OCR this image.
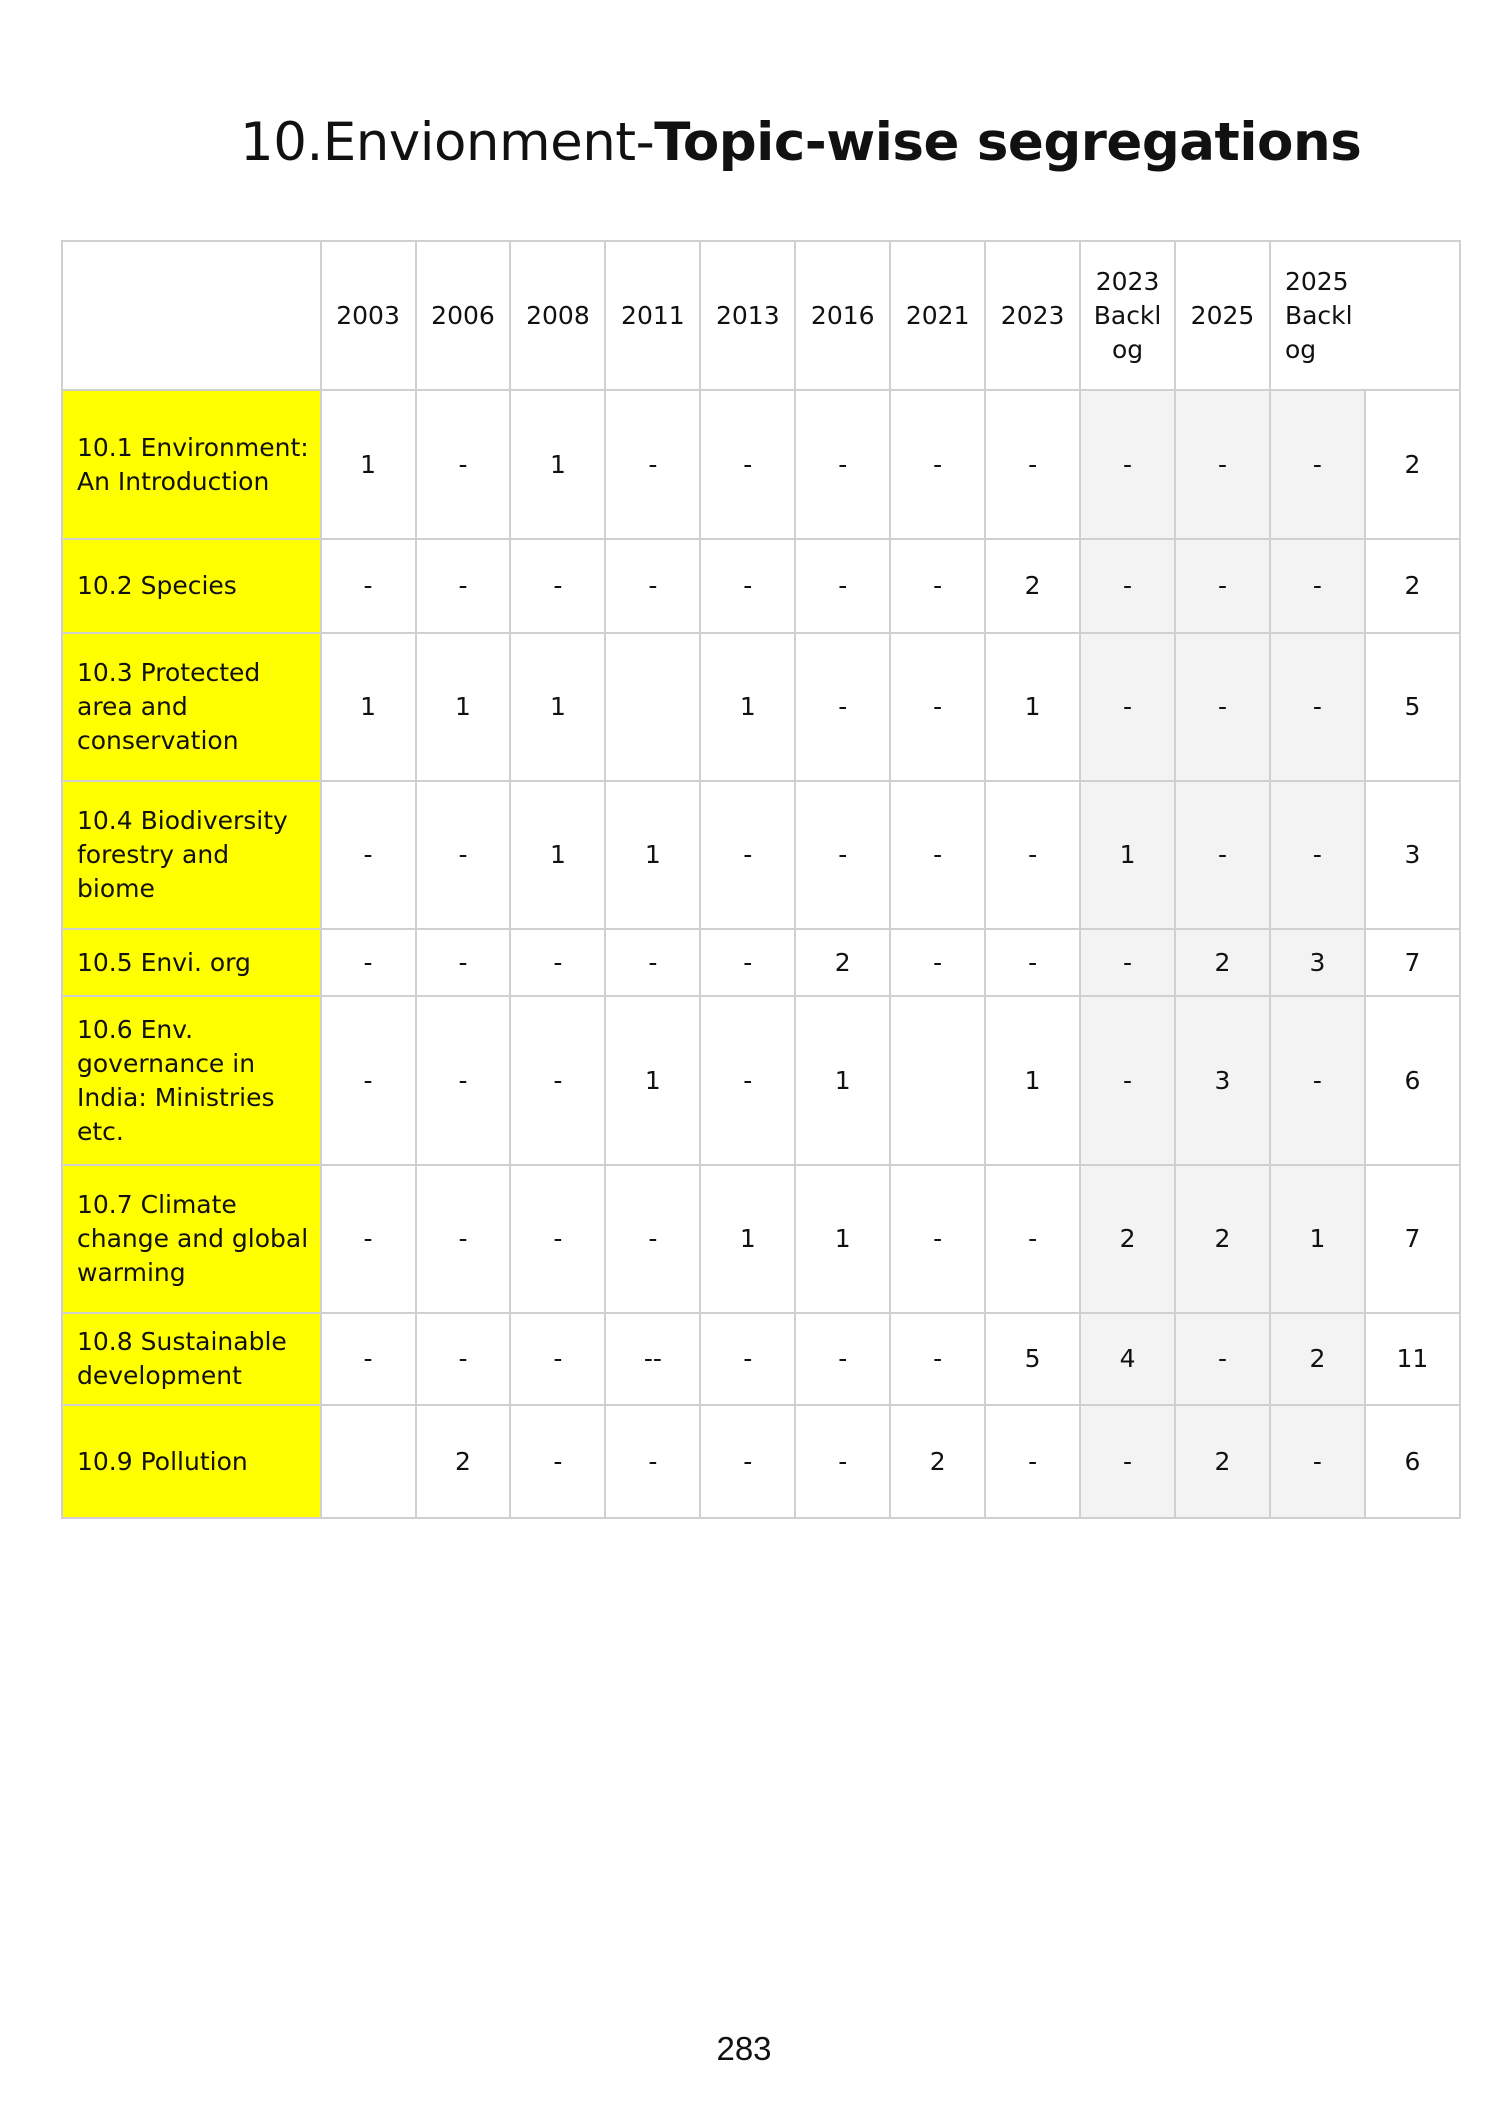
10.Envionment-Topic-wise segregations
	2003	2006	2008	2011	2013	2016	2021	2023	2023
Backl
og	2025	2025
Backl
og	
10.1 Environment:
An Introduction	1	-	1	-	-	-	-	-	-	-	-	2
10.2 Species	-	-	-	-	-	-	-	2	-	-	-	2
10.3 Protected
area and
conservation	1	1	1		1	-	-	1	-	-	-	5
10.4 Biodiversity
forestry and
biome	-	-	1	1	-	-	-	-	1	-	-	3
10.5 Envi. org	-	-	-	-	-	2	-	-	-	2	3	7
10.6 Env.
governance in
India: Ministries
etc.	-	-	-	1	-	1		1	-	3	-	6
10.7 Climate
change and global
warming	-	-	-	-	1	1	-	-	2	2	1	7
10.8 Sustainable
development	-	-	-	--	-	-	-	5	4	-	2	11
10.9 Pollution		2	-	-	-	-	2	-	-	2	-	6
283
